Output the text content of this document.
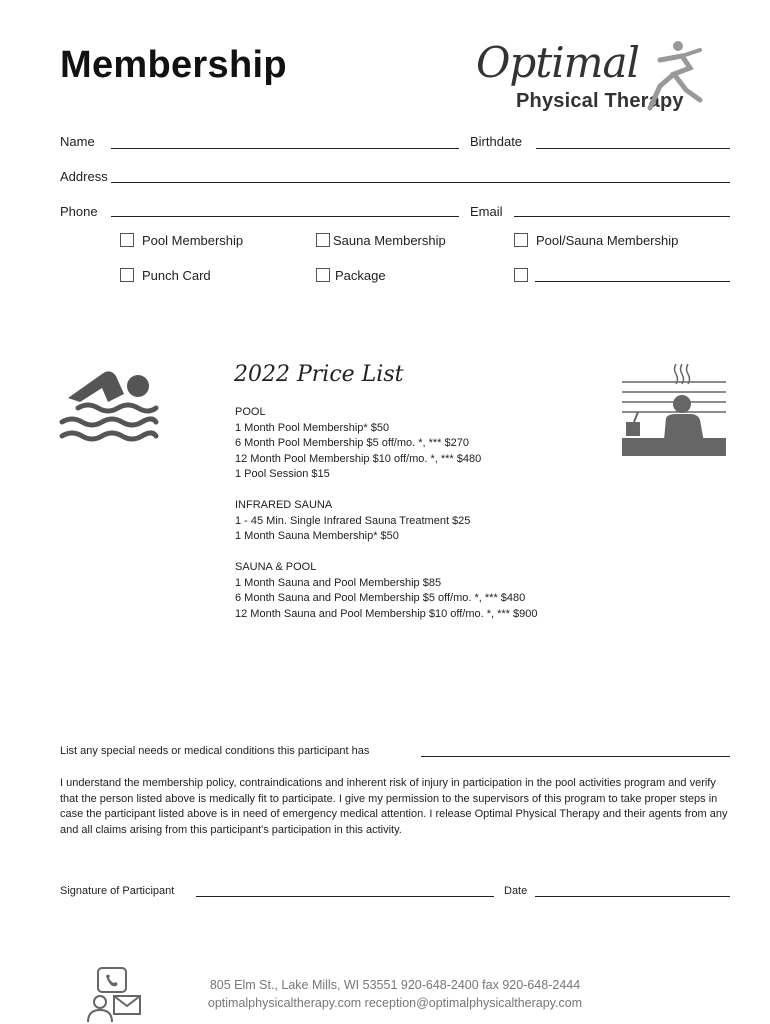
Membership	Optimal
Physical Therapy
Name	Birthdate
Address
Phone	Email
Pool Membership	Sauna Membership	Pool/Sauna Membership
Punch Card	Package
2022 Price List
POOL
1 Month Pool Membership* $50
6 Month Pool Membership $5 off/mo. *, *** $270
12 Month Pool Membership $10 off/mo. *, *** $480
1 Pool Session $15
INFRARED SAUNA
1 - 45 Min. Single Infrared Sauna Treatment $25
1 Month Sauna Membership* $50
SAUNA & POOL
1 Month Sauna and Pool Membership $85
6 Month Sauna and Pool Membership $5 off/mo. *, *** $480
12 Month Sauna and Pool Membership $10 off/mo. *, *** $900
List any special needs or medical conditions this participant has
I understand the membership policy, contraindications and inherent risk of injury in participation in the pool activities program and verify that the person listed above is medically fit to participate. I give my permission to the supervisors of this program to take proper steps in case the participant listed above is in need of emergency medical attention. I release Optimal Physical Therapy and their agents from any and all claims arising from this participant's participation in this activity.
Signature of Participant	Date
805 Elm St., Lake Mills, WI 53551 920-648-2400 fax 920-648-2444
optimalphysicaltherapy.com reception@optimalphysicaltherapy.com
